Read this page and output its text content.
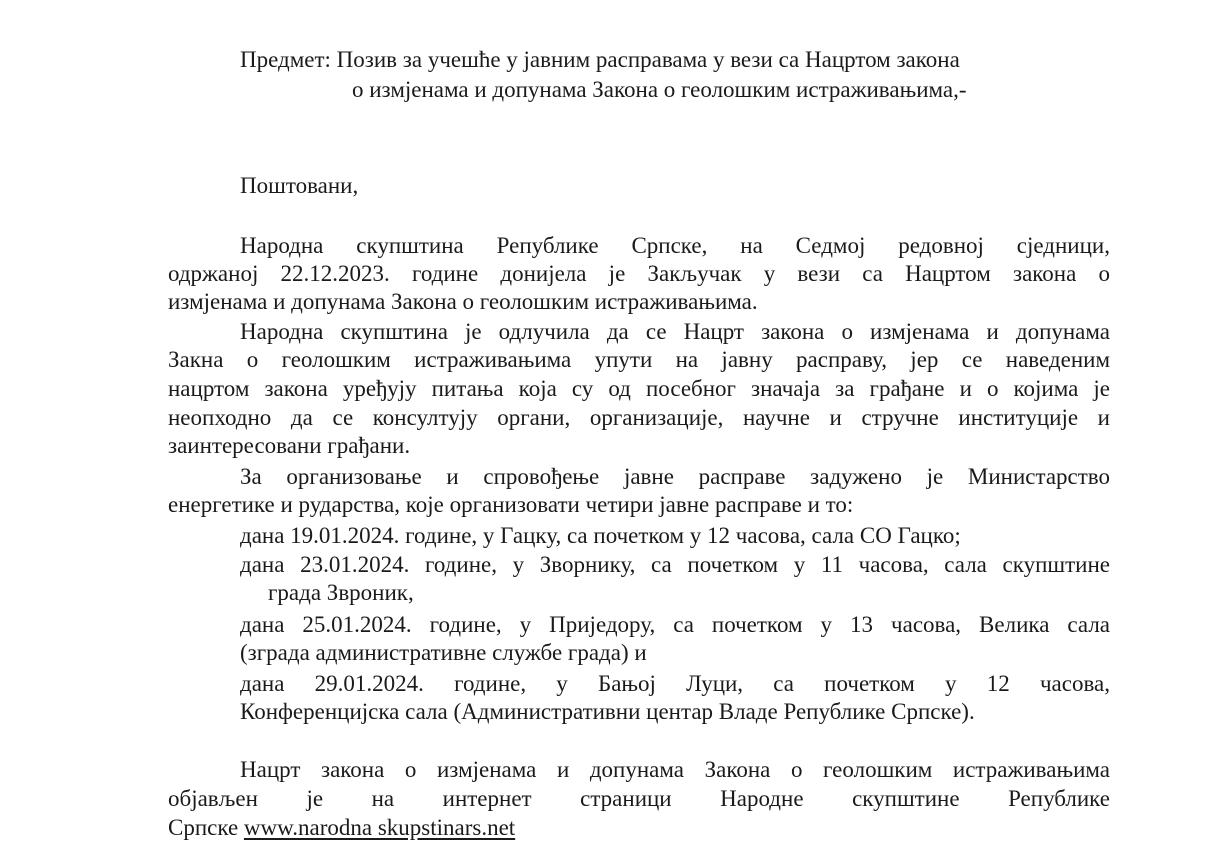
Предмет: Позив за учешће у јавним расправама у вези са Нацртом закона
о измјенама и допунама Закона о геолошким истраживањима,-
Поштовани,
Народна скупштина Републике Српске, на Седмој редовној сједници,
одржаној 22.12.2023. године донијела је Закључак у вези са Нацртом закона о
измјенама и допунама Закона о геолошким истраживањима.
Народна скупштина је одлучила да се Нацрт закона о измјенама и допунама
Закна о геолошким истраживањима упути на јавну расправу, јер се наведеним
нацртом закона уређују питања која су од посебног значаја за грађане и о којима је
неопходно да се консултују органи, организације, научне и стручне институције и
заинтересовани грађани.
За организовање и спровођење јавне расправе задужено је Министарство
енергетике и рударства, које организовати четири јавне расправе и то:
дана 19.01.2024. године, у Гацку, са почетком у 12 часова, сала СО Гацко;
дана 23.01.2024. године, у Зворнику, са почетком у 11 часова, сала скупштине
града Звроник,
дана 25.01.2024. године, у Приједору, са почетком у 13 часова, Велика сала
(зграда административне службе града) и
дана 29.01.2024. године, у Бањој Луци, са почетком у 12 часова,
Конференцијска сала (Административни центар Владе Републике Српске).
Нацрт закона о измјенама и допунама Закона о геолошким истраживањима
објављен је на интернет страници Народне скупштине Републике
Српске www.narodna skupstinars.net
